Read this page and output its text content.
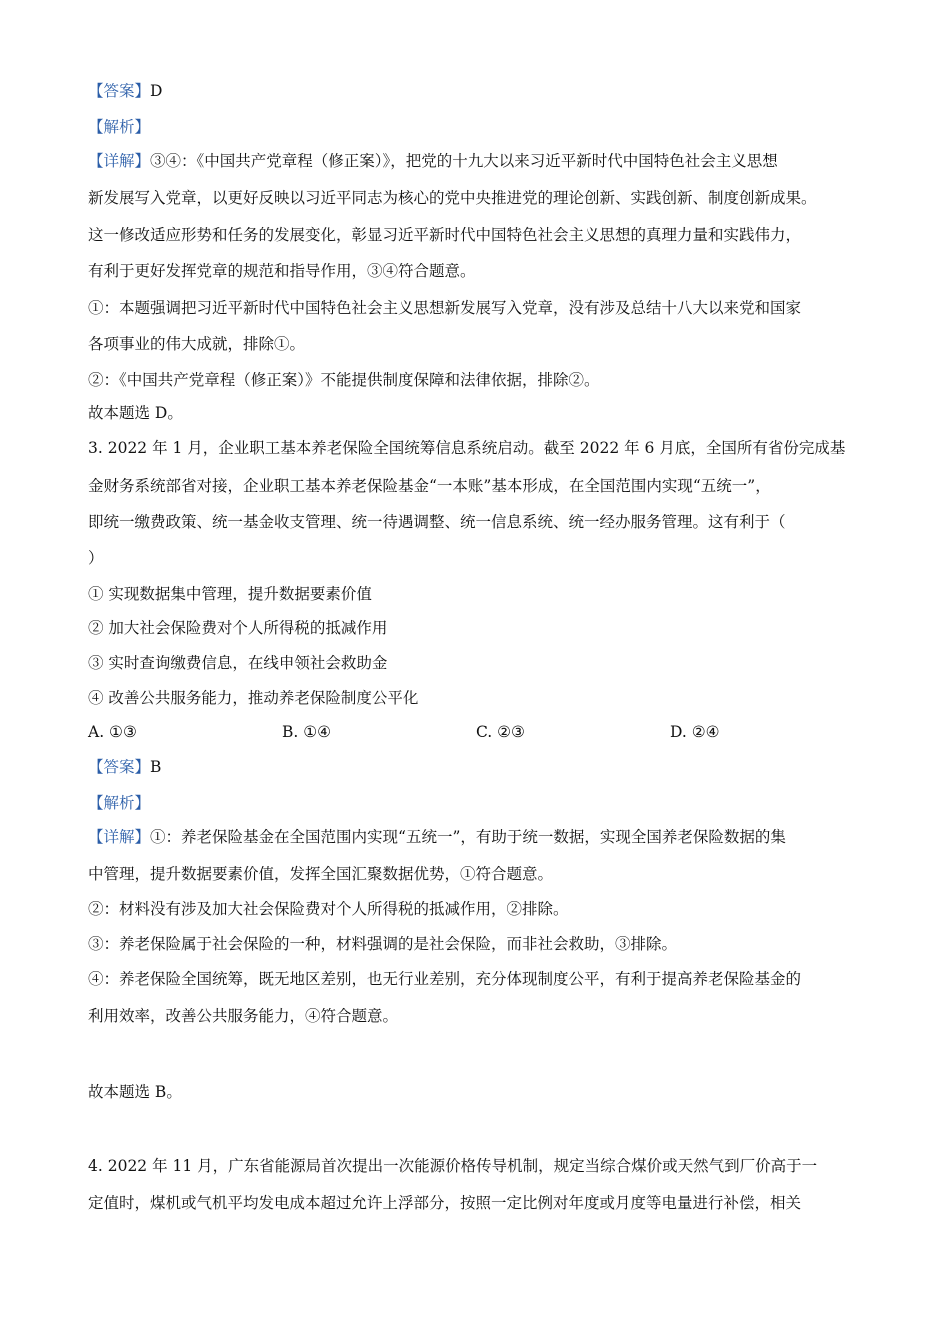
【答案】D
【解析】
【详解】③④：《中国共产党章程（修正案）》，把党的十九大以来习近平新时代中国特色社会主义思想
新发展写入党章，以更好反映以习近平同志为核心的党中央推进党的理论创新、实践创新、制度创新成果。
这一修改适应形势和任务的发展变化，彰显习近平新时代中国特色社会主义思想的真理力量和实践伟力，
有利于更好发挥党章的规范和指导作用，③④符合题意。
①：本题强调把习近平新时代中国特色社会主义思想新发展写入党章，没有涉及总结十八大以来党和国家
各项事业的伟大成就，排除①。
②：《中国共产党章程（修正案）》不能提供制度保障和法律依据，排除②。
故本题选 D。
3. 2022 年 1 月，企业职工基本养老保险全国统筹信息系统启动。截至 2022 年 6 月底，全国所有省份完成基
金财务系统部省对接，企业职工基本养老保险基金“一本账”基本形成，在全国范围内实现“五统一”，
即统一缴费政策、统一基金收支管理、统一待遇调整、统一信息系统、统一经办服务管理。这有利于（
）
① 实现数据集中管理，提升数据要素价值
② 加大社会保险费对个人所得税的抵减作用
③ 实时查询缴费信息，在线申领社会救助金
④ 改善公共服务能力，推动养老保险制度公平化
A. ①③	B. ①④	C. ②③	D. ②④
【答案】B
【解析】
【详解】①：养老保险基金在全国范围内实现“五统一”，有助于统一数据，实现全国养老保险数据的集
中管理，提升数据要素价值，发挥全国汇聚数据优势，①符合题意。
②：材料没有涉及加大社会保险费对个人所得税的抵减作用，②排除。
③：养老保险属于社会保险的一种，材料强调的是社会保险，而非社会救助，③排除。
④：养老保险全国统筹，既无地区差别，也无行业差别，充分体现制度公平，有利于提高养老保险基金的
利用效率，改善公共服务能力，④符合题意。
故本题选 B。
4. 2022 年 11 月，广东省能源局首次提出一次能源价格传导机制，规定当综合煤价或天然气到厂价高于一
定值时，煤机或气机平均发电成本超过允许上浮部分，按照一定比例对年度或月度等电量进行补偿，相关
